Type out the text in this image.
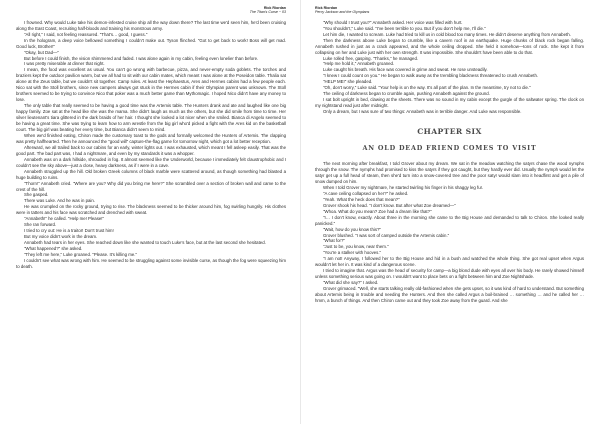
Rick Riordan
The Titan's Curse ~ 03

I frowned. Why would Luke take his demon-infested cruise ship all the way down there? The last time we'd seen him, he'd been cruising along the East Coast, recruiting half-bloods and training his monstrous army.

"All right," I said, not feeling reassured. "That's… good, I guess."

In the hologram, a deep voice bellowed something I couldn't make out. Tyson flinched. "Got to get back to work! Boss will get mad. Good luck, Brother!"

"Okay, but Dad—"

But before I could finish, the vision shimmered and faded. I was alone again in my cabin, feeling even lonelier than before.

I was pretty miserable at dinner that night.

I mean, the food was excellent as usual. You can't go wrong with barbecue, pizza, and never-empty soda goblets. The torches and braziers kept the outdoor pavilion warm, but we all had to sit with our cabin mates, which meant I was alone at the Poseidon table. Thalia sat alone at the Zeus table, but we couldn't sit together. Camp rules. At least the Hephaestus, Ares and Hermes cabins had a few people each. Nico sat with the Stoll brothers, since new campers always got stuck in the Hermes cabin if their Olympian parent was unknown. The Stoll brothers seemed to be trying to convince Nico that poker was a much better game than Mythomagic. I hoped Nico didn't have any money to lose.

The only table that really seemed to be having a good time was the Artemis table. The Hunters drank and ate and laughed like one big happy family. Zoe sat at the head like she was the mama. She didn't laugh as much as the others, but she did smile from time to time. Her silver lieutenant's tiara glittered in the dark braids of her hair. I thought she looked a lot nicer when she smiled. Bianca di Angelo seemed to be having a great time. She was trying to learn how to arm wrestle from the big girl who'd picked a fight with the Ares kid on the basketball court. The big girl was beating her every time, but Bianca didn't seem to mind.

When we'd finished eating, Chiron made the customary toast to the gods and formally welcomed the Hunters of Artemis. The clapping was pretty halfhearted. Then he announced the "good will" capture-the-flag game for tomorrow night, which got a lot better reception.

Afterward, we all trailed back to our cabins for an early, winter lights out. I was exhausted, which meant I fell asleep easily. That was the good part. The bad part was, I had a nightmare, and even by my standards it was a whopper.

Annabeth was on a dark hillside, shrouded in fog. It almost seemed like the Underworld, because I immediately felt claustrophobic and I couldn't see the sky above—just a close, heavy darkness, as if I were in a cave.

Annabeth struggled up the hill. Old broken Greek columns of black marble were scattered around, as though something had blasted a huge building to ruins.

"Thorn!" Annabeth cried. "Where are you? Why did you bring me here?" She scrambled over a section of broken wall and came to the crest of the hill.

She gasped.

There was Luke. And he was in pain.

He was crumpled on the rocky ground, trying to rise. The blackness seemed to be thicker around him, fog swirling hungrily. His clothes were in tatters and his face was scratched and drenched with sweat.

"Annabeth!" he called. "Help me! Please!"

She ran forward.

I tried to cry out: He is a traitor! Don't trust him!

But my voice didn't work in the dream.

Annabeth had tears in her eyes. She reached down like she wanted to touch Luke's face, but at the last second she hesitated.

"What happened?" she asked.

"They left me here," Luke groaned. "Please. It's killing me."

I couldn't see what was wrong with him. He seemed to be struggling against some invisible curse, as though the fog were squeezing him to death.

Rick Riordan
Percy Jackson and the Olympians

"Why should I trust you?" Annabeth asked. Her voice was filled with hurt.

"You shouldn't," Luke said. "I've been terrible to you. But if you don't help me, I'll die."

Let him die, I wanted to scream. Luke had tried to kill us in cold blood too many times. He didn't deserve anything from Annabeth.

Then the darkness above Luke began to crumble, like a cavern roof in an earthquake. Huge chunks of black rock began falling. Annabeth rushed in just as a crack appeared, and the whole ceiling dropped. She held it somehow—tons of rock. She kept it from collapsing on her and Luke just with her own strength. It was impossible. She shouldn't have been able to do that.

Luke rolled free, gasping. "Thanks," he managed.

"Help me hold it," Annabeth groaned.

Luke caught his breath. His face was covered in grime and sweat. He rose unsteadily.

"I knew I could count on you." He began to walk away as the trembling blackness threatened to crush Annabeth.

"HELP ME!" she pleaded.

"Oh, don't worry," Luke said. "Your help is on the way. It's all part of the plan. In the meantime, try not to die."

The ceiling of darkness began to crumble again, pushing Annabeth against the ground.

I sat bolt upright in bed, clawing at the sheets. There was no sound in my cabin except the gurgle of the saltwater spring. The clock on my nightstand read just after midnight.

Only a dream, but I was sure of two things: Annabeth was in terrible danger. And Luke was responsible.

CHAPTER SIX
AN OLD DEAD FRIEND COMES TO VISIT

The next morning after breakfast, I told Grover about my dream. We sat in the meadow watching the satyrs chase the wood nymphs through the snow. The nymphs had promised to kiss the satyrs if they got caught, but they hardly ever did. Usually the nymph would let the satyr get up a full head of steam, then she'd turn into a snow-covered tree and the poor satyr would slam into it headfirst and get a pile of snow dumped on him.

When I told Grover my nightmare, he started twirling his finger in his shaggy leg fur.

"A cave ceiling collapsed on her?" he asked.

"Yeah. What the heck does that mean?"

Grover shook his head. "I don't know. But after what Zoe dreamed—"

"Whoa. What do you mean? Zoe had a dream like that?"

"I… I don't know, exactly. About three in the morning she came to the Big House and demanded to talk to Chiron. She looked really panicked."

"Wait, how do you know this?"

Grover blushed. "I was sort of camped outside the Artemis cabin."

"What for?"

"Just to be, you know, near them."

"You're a stalker with hooves."

"I am not! Anyway, I followed her to the Big House and hid in a bush and watched the whole thing. She got real upset when Argus wouldn't let her in. It was kind of a dangerous scene.

I tried to imagine that. Argus was the head of security for camp—a big blond dude with eyes all over his body. He rarely showed himself unless something serious was going on. I wouldn't want to place bets on a fight between him and Zoe Nightshade.

"What did she say?" I asked.

Grover grimaced. "Well, she starts talking really old-fashioned when she gets upset, so it was kind of hard to understand. But something about Artemis being in trouble and needing the Hunters. And then she called Argus a boil-brained … something … and he called her … hmm, a bunch of things. And then Chiron came out and they took Zoe away from the guard. And she
